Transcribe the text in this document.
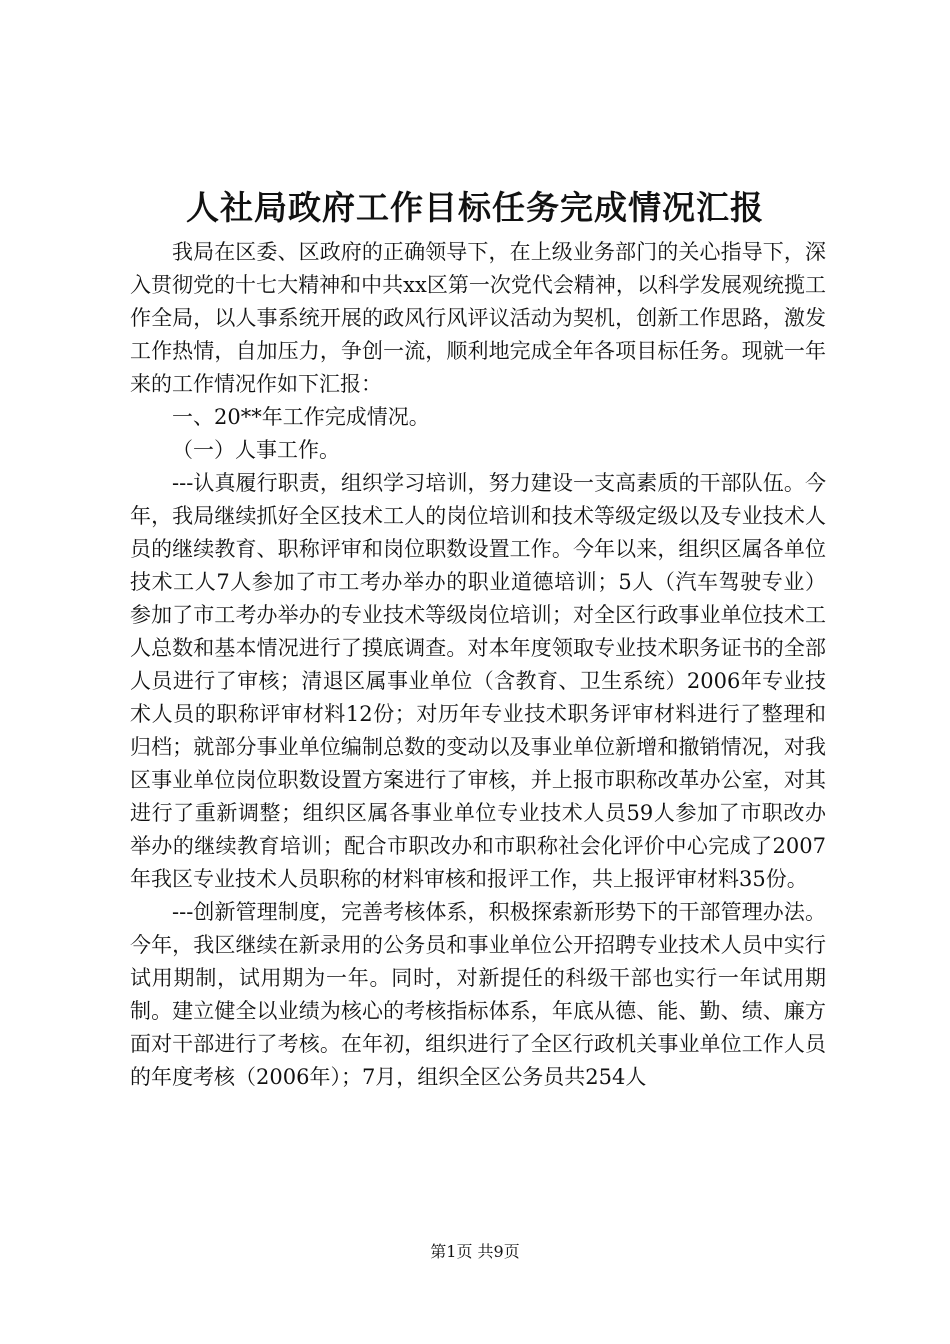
人社局政府工作目标任务完成情况汇报

我局在区委、区政府的正确领导下，在上级业务部门的关心指导下，深入贯彻党的十七大精神和中共xx区第一次党代会精神，以科学发展观统揽工作全局，以人事系统开展的政风行风评议活动为契机，创新工作思路，激发工作热情，自加压力，争创一流，顺利地完成全年各项目标任务。现就一年来的工作情况作如下汇报：

一、20**年工作完成情况。

（一）人事工作。

---认真履行职责，组织学习培训，努力建设一支高素质的干部队伍。今年，我局继续抓好全区技术工人的岗位培训和技术等级定级以及专业技术人员的继续教育、职称评审和岗位职数设置工作。今年以来，组织区属各单位技术工人7人参加了市工考办举办的职业道德培训；5人（汽车驾驶专业）参加了市工考办举办的专业技术等级岗位培训；对全区行政事业单位技术工人总数和基本情况进行了摸底调查。对本年度领取专业技术职务证书的全部人员进行了审核；清退区属事业单位（含教育、卫生系统）2006年专业技术人员的职称评审材料12份；对历年专业技术职务评审材料进行了整理和归档；就部分事业单位编制总数的变动以及事业单位新增和撤销情况，对我区事业单位岗位职数设置方案进行了审核，并上报市职称改革办公室，对其进行了重新调整；组织区属各事业单位专业技术人员59人参加了市职改办举办的继续教育培训；配合市职改办和市职称社会化评价中心完成了2007年我区专业技术人员职称的材料审核和报评工作，共上报评审材料35份。

---创新管理制度，完善考核体系，积极探索新形势下的干部管理办法。今年，我区继续在新录用的公务员和事业单位公开招聘专业技术人员中实行试用期制，试用期为一年。同时，对新提任的科级干部也实行一年试用期制。建立健全以业绩为核心的考核指标体系，年底从德、能、勤、绩、廉方面对干部进行了考核。在年初，组织进行了全区行政机关事业单位工作人员的年度考核（2006年）；7月，组织全区公务员共254人

第1页 共9页
